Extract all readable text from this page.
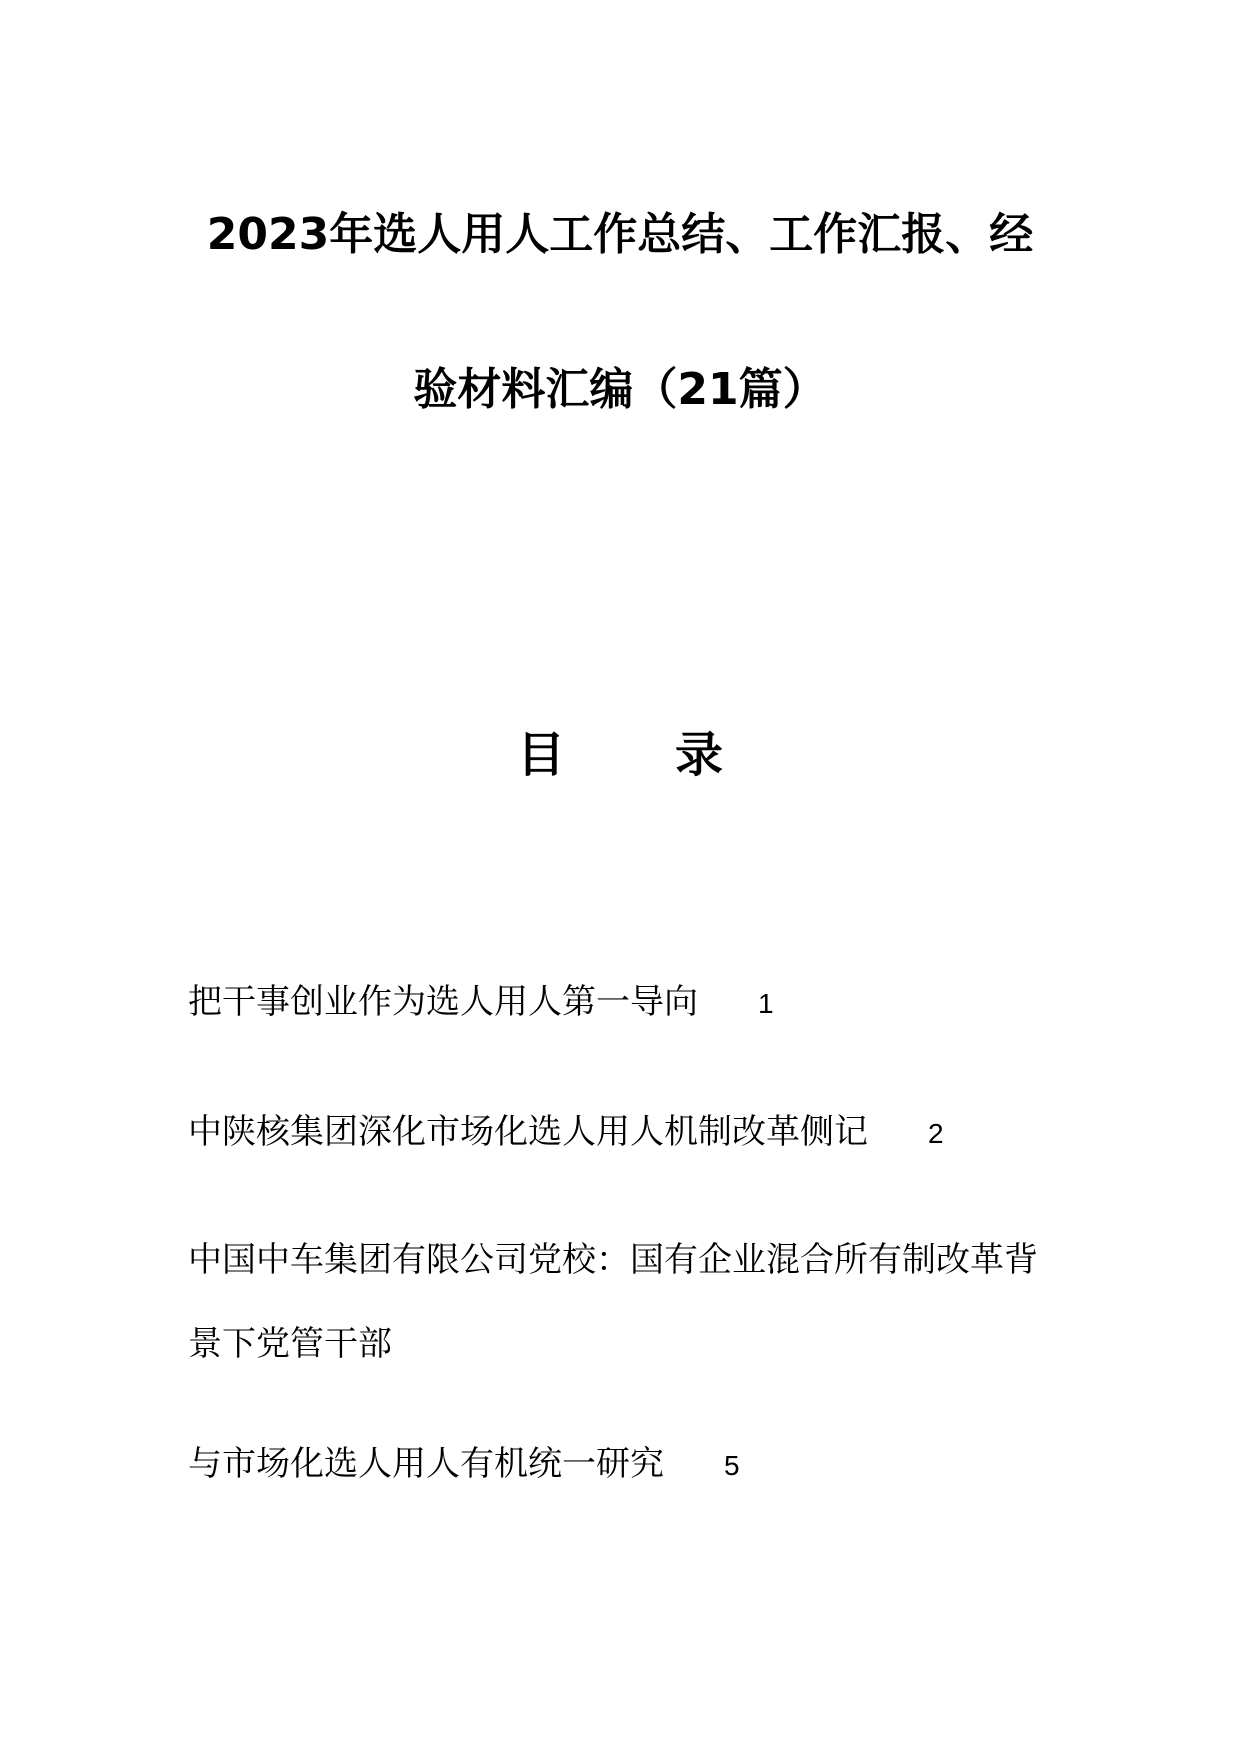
2023年选人用人工作总结、工作汇报、经
验材料汇编（21篇）
目 录
把干事创业作为选人用人第一导向 1
中陕核集团深化市场化选人用人机制改革侧记 2
中国中车集团有限公司党校：国有企业混合所有制改革背
景下党管干部
与市场化选人用人有机统一研究 5
